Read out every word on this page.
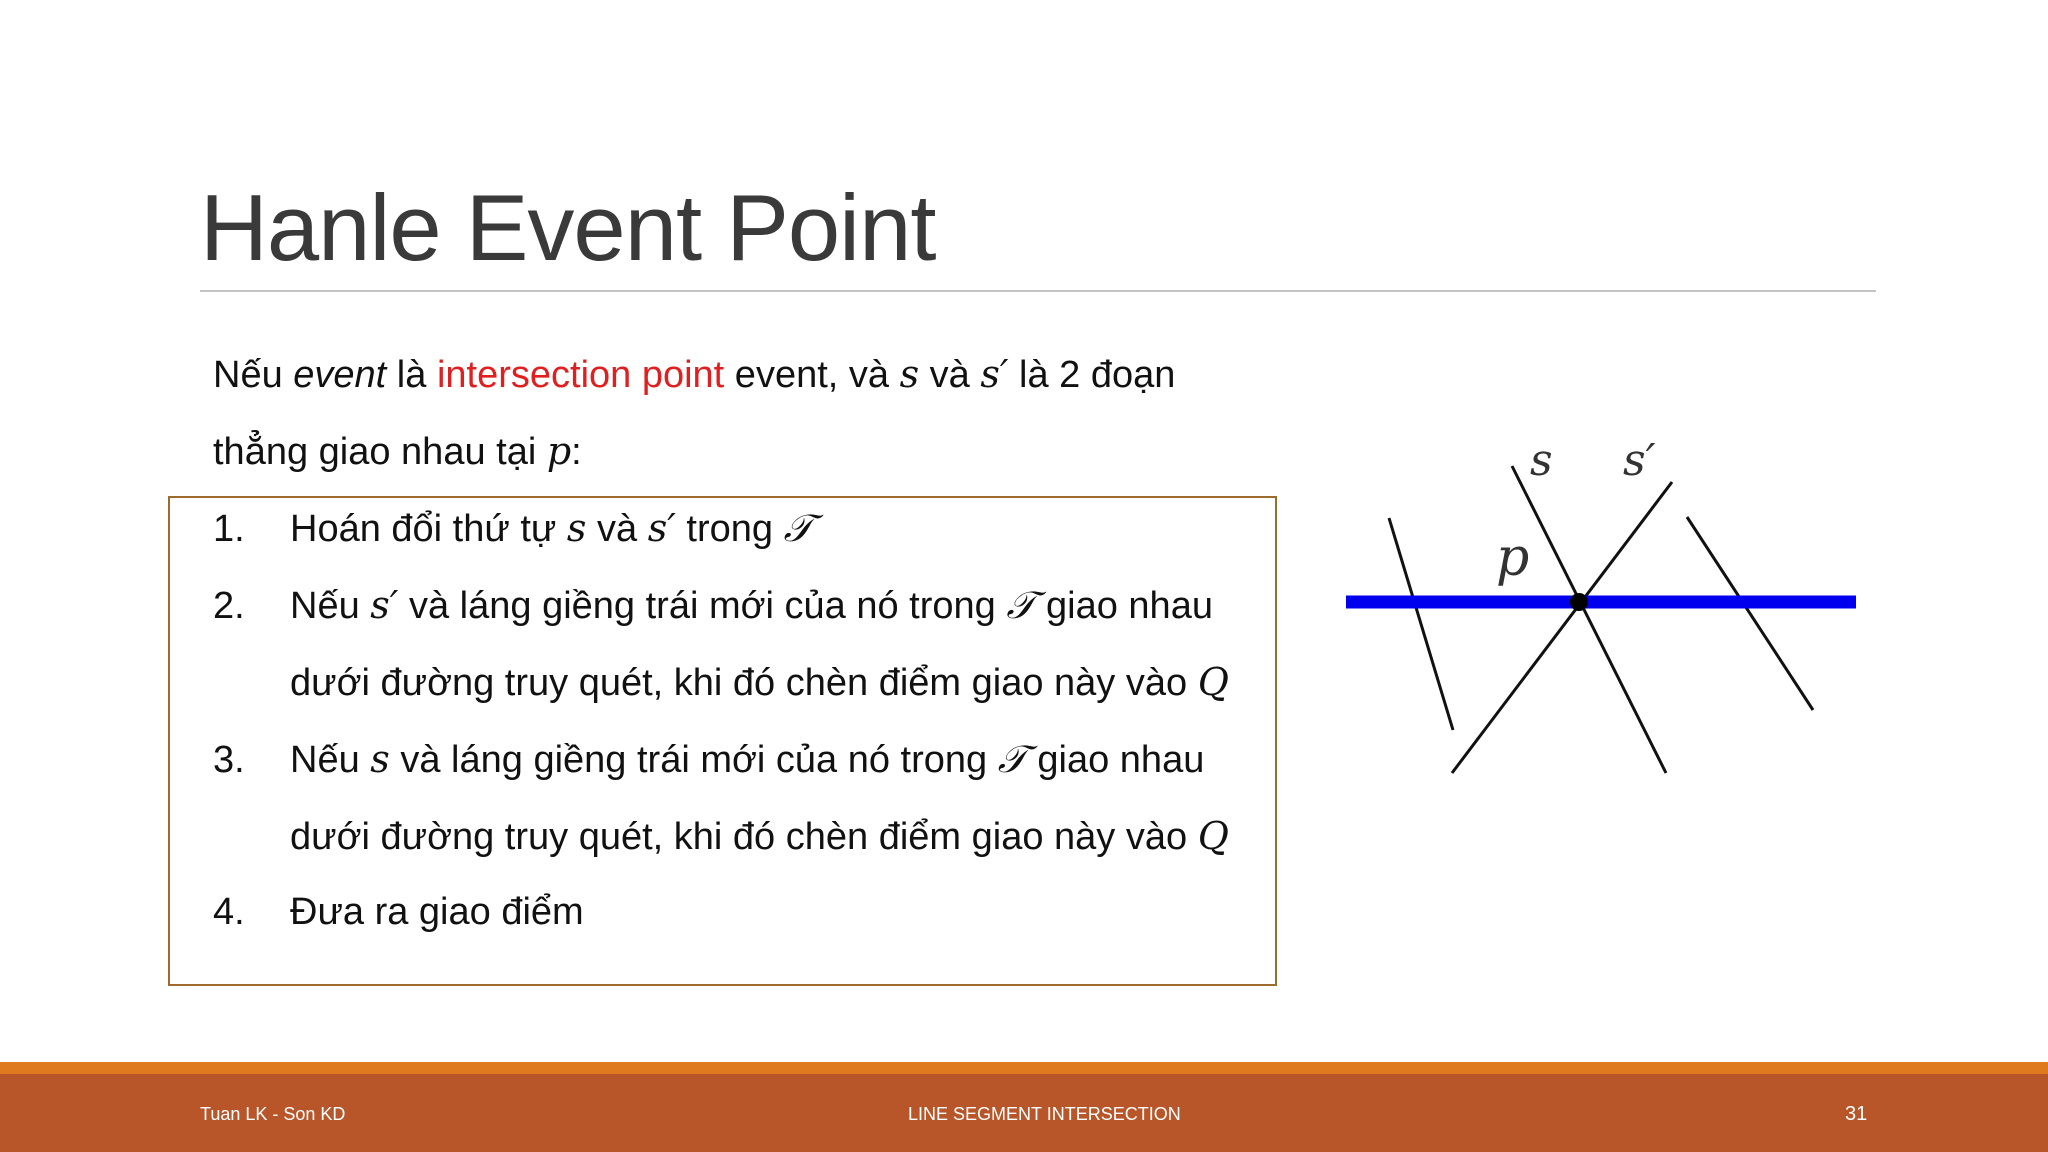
Hanle Event Point
Nếu event là intersection point event, và s và s′ là 2 đoạn
thẳng giao nhau tại p:
1. Hoán đổi thứ tự s và s′ trong 𝒯
2. Nếu s′ và láng giềng trái mới của nó trong 𝒯 giao nhau
dưới đường truy quét, khi đó chèn điểm giao này vào Q
3. Nếu s và láng giềng trái mới của nó trong 𝒯 giao nhau
dưới đường truy quét, khi đó chèn điểm giao này vào Q
4. Đưa ra giao điểm
s s′
p
Tuan LK - Son KD	LINE SEGMENT INTERSECTION	31
